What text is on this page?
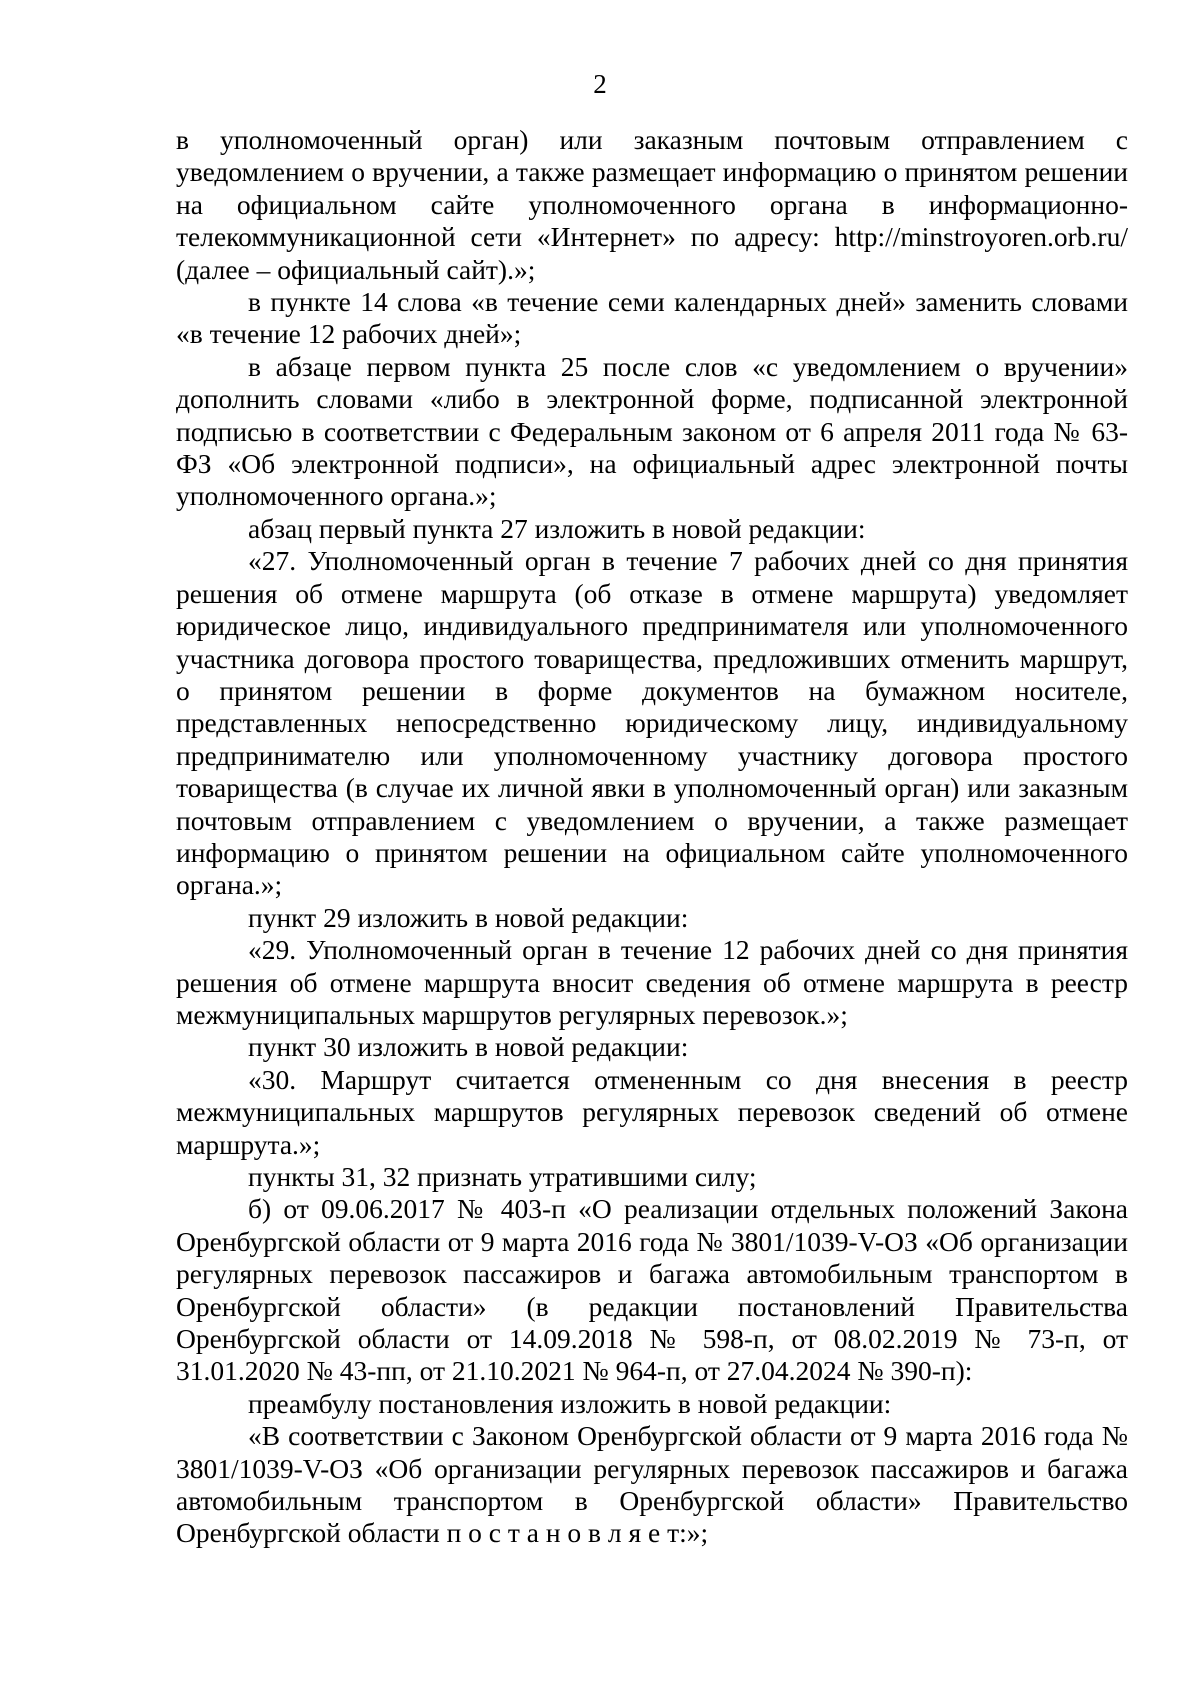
2

в уполномоченный орган) или заказным почтовым отправлением с уведомлением о вручении, а также размещает информацию о принятом решении на официальном сайте уполномоченного органа в информационно-телекоммуникационной сети «Интернет» по адресу: http://minstroyoren.orb.ru/ (далее – официальный сайт).»;

в пункте 14 слова «в течение семи календарных дней» заменить словами «в течение 12 рабочих дней»;

в абзаце первом пункта 25 после слов «с уведомлением о вручении» дополнить словами «либо в электронной форме, подписанной электронной подписью в соответствии с Федеральным законом от 6 апреля 2011 года № 63-ФЗ «Об электронной подписи», на официальный адрес электронной почты уполномоченного органа.»;

абзац первый пункта 27 изложить в новой редакции:

«27. Уполномоченный орган в течение 7 рабочих дней со дня принятия решения об отмене маршрута (об отказе в отмене маршрута) уведомляет юридическое лицо, индивидуального предпринимателя или уполномоченного участника договора простого товарищества, предложивших отменить маршрут, о принятом решении в форме документов на бумажном носителе, представленных непосредственно юридическому лицу, индивидуальному предпринимателю или уполномоченному участнику договора простого товарищества (в случае их личной явки в уполномоченный орган) или заказным почтовым отправлением с уведомлением о вручении, а также размещает информацию о принятом решении на официальном сайте уполномоченного органа.»;

пункт 29 изложить в новой редакции:

«29. Уполномоченный орган в течение 12 рабочих дней со дня принятия решения об отмене маршрута вносит сведения об отмене маршрута в реестр межмуниципальных маршрутов регулярных перевозок.»;

пункт 30 изложить в новой редакции:

«30. Маршрут считается отмененным со дня внесения в реестр межмуниципальных маршрутов регулярных перевозок сведений об отмене маршрута.»;

пункты 31, 32 признать утратившими силу;

б) от 09.06.2017 № 403-п «О реализации отдельных положений Закона Оренбургской области от 9 марта 2016 года № 3801/1039-V-ОЗ «Об организации регулярных перевозок пассажиров и багажа автомобильным транспортом в Оренбургской области» (в редакции постановлений Правительства Оренбургской области от 14.09.2018 № 598-п, от 08.02.2019 № 73-п, от 31.01.2020 № 43-пп, от 21.10.2021 № 964-п, от 27.04.2024 № 390-п):

преамбулу постановления изложить в новой редакции:

«В соответствии с Законом Оренбургской области от 9 марта 2016 года № 3801/1039-V-ОЗ «Об организации регулярных перевозок пассажиров и багажа автомобильным транспортом в Оренбургской области» Правительство Оренбургской области п о с т а н о в л я е т:»;
